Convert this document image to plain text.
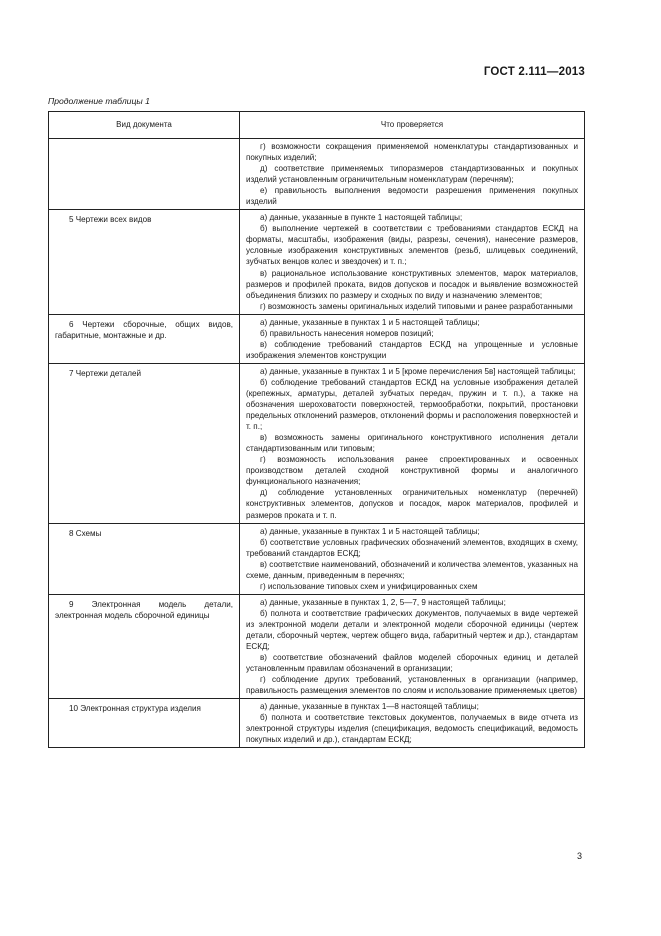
ГОСТ 2.111—2013
Продолжение таблицы 1
Вид документа	Что проверяется

	г) возможности сокращения применяемой номенклатуры стандартизованных и покупных изделий;
д) соответствие применяемых типоразмеров стандартизованных и покупных изделий установленным ограничительным номенклатурам (перечням);
е) правильность выполнения ведомости разрешения применения покупных изделий

5 Чертежи всех видов	а) данные, указанные в пункте 1 настоящей таблицы;
б) выполнение чертежей в соответствии с требованиями стандартов ЕСКД на форматы, масштабы, изображения (виды, разрезы, сечения), нанесение размеров, условные изображения конструктивных элементов (резьб, шлицевых соединений, зубчатых венцов колес и звездочек) и т. п.;
в) рациональное использование конструктивных элементов, марок материалов, размеров и профилей проката, видов допусков и посадок и выявление возможностей объединения близких по размеру и сходных по виду и назначению элементов;
г) возможность замены оригинальных изделий типовыми и ранее разработанными

6 Чертежи сборочные, общих видов, габаритные, монтажные и др.	а) данные, указанные в пунктах 1 и 5 настоящей таблицы;
б) правильность нанесения номеров позиций;
в) соблюдение требований стандартов ЕСКД на упрощенные и условные изображения элементов конструкции

7 Чертежи деталей	а) данные, указанные в пунктах 1 и 5 [кроме перечисления 5в] настоящей таблицы;
б) соблюдение требований стандартов ЕСКД на условные изображения деталей (крепежных, арматуры, деталей зубчатых передач, пружин и т. п.), а также на обозначения шероховатости поверхностей, термообработки, покрытий, простановки предельных отклонений размеров, отклонений формы и расположения поверхностей и т. п.;
в) возможность замены оригинального конструктивного исполнения детали стандартизованным или типовым;
г) возможность использования ранее спроектированных и освоенных производством деталей сходной конструктивной формы и аналогичного функционального назначения;
д) соблюдение установленных ограничительных номенклатур (перечней) конструктивных элементов, допусков и посадок, марок материалов, профилей и размеров проката и т. п.

8 Схемы	а) данные, указанные в пунктах 1 и 5 настоящей таблицы;
б) соответствие условных графических обозначений элементов, входящих в схему, требований стандартов ЕСКД;
в) соответствие наименований, обозначений и количества элементов, указанных на схеме, данным, приведенным в перечнях;
г) использование типовых схем и унифицированных схем

9 Электронная модель детали, электронная модель сборочной единицы	а) данные, указанные в пунктах 1, 2, 5—7, 9 настоящей таблицы;
б) полнота и соответствие графических документов, получаемых в виде чертежей из электронной модели детали и электронной модели сборочной единицы (чертеж детали, сборочный чертеж, чертеж общего вида, габаритный чертеж и др.), стандартам ЕСКД;
в) соответствие обозначений файлов моделей сборочных единиц и деталей установленным правилам обозначений в организации;
г) соблюдение других требований, установленных в организации (например, правильность размещения элементов по слоям и использование применяемых цветов)

10 Электронная структура изделия	а) данные, указанные в пунктах 1—8 настоящей таблицы;
б) полнота и соответствие текстовых документов, получаемых в виде отчета из электронной структуры изделия (спецификация, ведомость спецификаций, ведомость покупных изделий и др.), стандартам ЕСКД;
3
